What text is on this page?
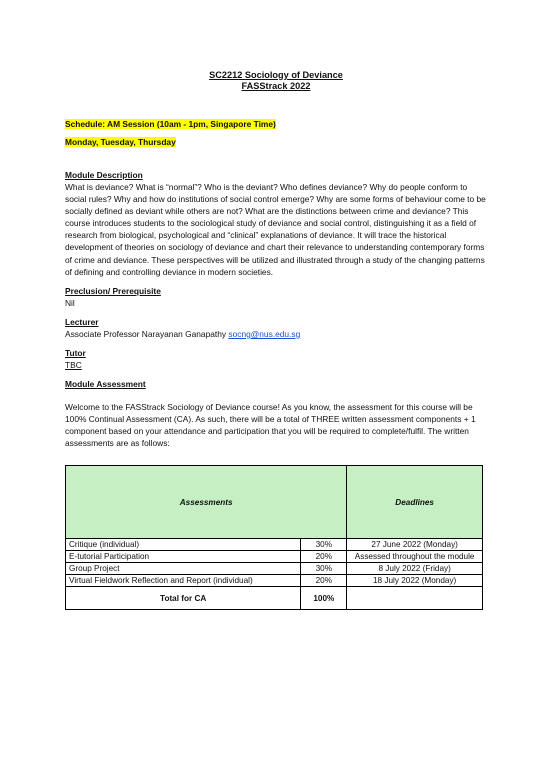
SC2212 Sociology of Deviance
FASStrack 2022
Schedule: AM Session (10am - 1pm, Singapore Time)
Monday, Tuesday, Thursday
Module Description

What is deviance? What is “normal”? Who is the deviant? Who defines deviance? Why do people conform to social rules? Why and how do institutions of social control emerge? Why are some forms of behaviour come to be socially defined as deviant while others are not? What are the distinctions between crime and deviance? This course introduces students to the sociological study of deviance and social control, distinguishing it as a field of research from biological, psychological and “clinical” explanations of deviance. It will trace the historical development of theories on sociology of deviance and chart their relevance to understanding contemporary forms of crime and deviance. These perspectives will be utilized and illustrated through a study of the changing patterns of defining and controlling deviance in modern societies.

Preclusion/ Prerequisite

Nil

Lecturer

Associate Professor Narayanan Ganapathy socng@nus.edu.sg

Tutor

TBC

Module Assessment

Welcome to the FASStrack Sociology of Deviance course! As you know, the assessment for this course will be 100% Continual Assessment (CA). As such, there will be a total of THREE written assessment components + 1 component based on your attendance and participation that you will be required to complete/fulfil. The written assessments are as follows:

Assessments		Deadlines
Critique (individual)	30%	27 June 2022 (Monday)
E-tutorial Participation	20%	Assessed throughout the module
Group Project	30%	8 July 2022 (Friday)
Virtual Fieldwork Reflection and Report (individual)	20%	18 July 2022 (Monday)
Total for CA	100%	
